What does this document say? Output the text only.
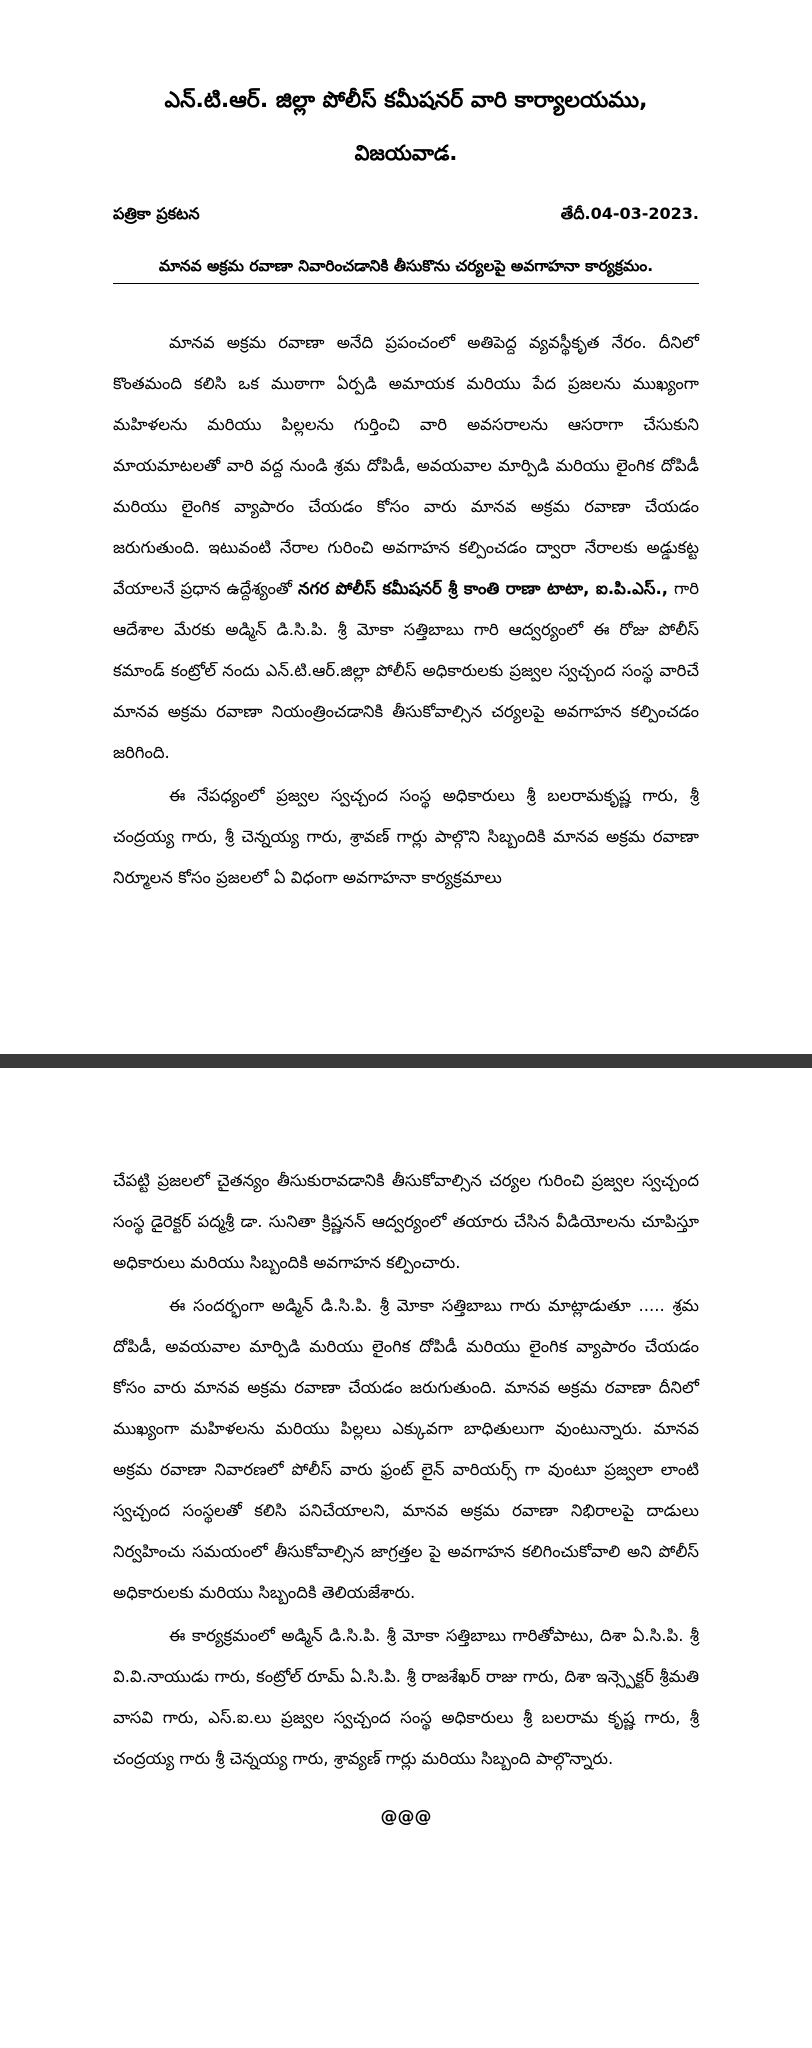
ఎన్.టి.ఆర్. జిల్లా పోలీస్ కమీషనర్ వారి కార్యాలయము,
విజయవాడ.
పత్రికా ప్రకటన	తేదీ.04-03-2023.
మానవ అక్రమ రవాణా నివారించడానికి తీసుకొను చర్యలపై అవగాహనా కార్యక్రమం.

మానవ అక్రమ రవాణా అనేది ప్రపంచంలో అతిపెద్ద వ్యవస్థీకృత నేరం. దీనిలో కొంతమంది కలిసి ఒక ముఠాగా ఏర్పడి అమాయక మరియు పేద ప్రజలను ముఖ్యంగా మహిళలను మరియు పిల్లలను గుర్తించి వారి అవసరాలను ఆసరాగా చేసుకుని మాయమాటలతో వారి వద్ద నుండి శ్రమ దోపిడీ, అవయవాల మార్పిడి మరియు లైంగిక దోపిడీ మరియు లైంగిక వ్యాపారం చేయడం కోసం వారు మానవ అక్రమ రవాణా చేయడం జరుగుతుంది. ఇటువంటి నేరాల గురించి అవగాహన కల్పించడం ద్వారా నేరాలకు అడ్డుకట్ట వేయాలనే ప్రధాన ఉద్దేశ్యంతో నగర పోలీస్ కమీషనర్ శ్రీ కాంతి రాణా టాటా, ఐ.పి.ఎస్., గారి ఆదేశాల మేరకు అడ్మిన్ డి.సి.పి. శ్రీ మోకా సత్తిబాబు గారి ఆద్వర్యంలో ఈ రోజు పోలీస్ కమాండ్ కంట్రోల్ నందు ఎన్.టి.ఆర్.జిల్లా పోలీస్ అధికారులకు ప్రజ్వల స్వచ్చంద సంస్థ వారిచే మానవ అక్రమ రవాణా నియంత్రించడానికి తీసుకోవాల్సిన చర్యలపై అవగాహన కల్పించడం జరిగింది.

ఈ నేపధ్యంలో ప్రజ్వల స్వచ్చంద సంస్థ అధికారులు శ్రీ బలరామకృష్ణ గారు, శ్రీ చంద్రయ్య గారు, శ్రీ చెన్నయ్య గారు, శ్రావణ్ గార్లు పాల్గొని సిబ్బందికి మానవ అక్రమ రవాణా నిర్మూలన కోసం ప్రజలలో ఏ విధంగా అవగాహనా కార్యక్రమాలు

చేపట్టి ప్రజలలో చైతన్యం తీసుకురావడానికి తీసుకోవాల్సిన చర్యల గురించి ప్రజ్వల స్వచ్చంద సంస్థ డైరెక్టర్ పద్మశ్రీ డా. సునితా క్రిష్ణనన్ ఆద్వర్యంలో తయారు చేసిన వీడియోలను చూపిస్తూ అధికారులు మరియు సిబ్బందికి అవగాహన కల్పించారు.

ఈ సందర్భంగా అడ్మిన్ డి.సి.పి. శ్రీ మోకా సత్తిబాబు గారు మాట్లాడుతూ ..... శ్రమ దోపిడీ, అవయవాల మార్పిడి మరియు లైంగిక దోపిడీ మరియు లైంగిక వ్యాపారం చేయడం కోసం వారు మానవ అక్రమ రవాణా చేయడం జరుగుతుంది. మానవ అక్రమ రవాణా దీనిలో ముఖ్యంగా మహిళలను మరియు పిల్లలు ఎక్కువగా బాధితులుగా వుంటున్నారు. మానవ అక్రమ రవాణా నివారణలో పోలీస్ వారు ఫ్రంట్ లైన్ వారియర్స్ గా వుంటూ ప్రజ్వలా లాంటి స్వచ్చంద సంస్థలతో కలిసి పనిచేయాలని, మానవ అక్రమ రవాణా నిభిరాలపై దాడులు నిర్వహించు సమయంలో తీసుకోవాల్సిన జాగ్రత్తల పై అవగాహన కలిగించుకోవాలి అని పోలీస్ అధికారులకు మరియు సిబ్బందికి తెలియజేశారు.

ఈ కార్యక్రమంలో అడ్మిన్ డి.సి.పి. శ్రీ మోకా సత్తిబాబు గారితోపాటు, దిశా ఏ.సి.పి. శ్రీ వి.వి.నాయుడు గారు, కంట్రోల్ రూమ్ ఏ.సి.పి. శ్రీ రాజశేఖర్ రాజు గారు, దిశా ఇన్స్పెక్టర్ శ్రీమతి వాసవి గారు, ఎస్.ఐ.లు ప్రజ్వల స్వచ్చంద సంస్థ అధికారులు శ్రీ బలరామ కృష్ణ గారు, శ్రీ చంద్రయ్య గారు శ్రీ చెన్నయ్య గారు, శ్రావ్యణ్ గార్లు మరియు సిబ్బంది పాల్గొన్నారు.

@@@
